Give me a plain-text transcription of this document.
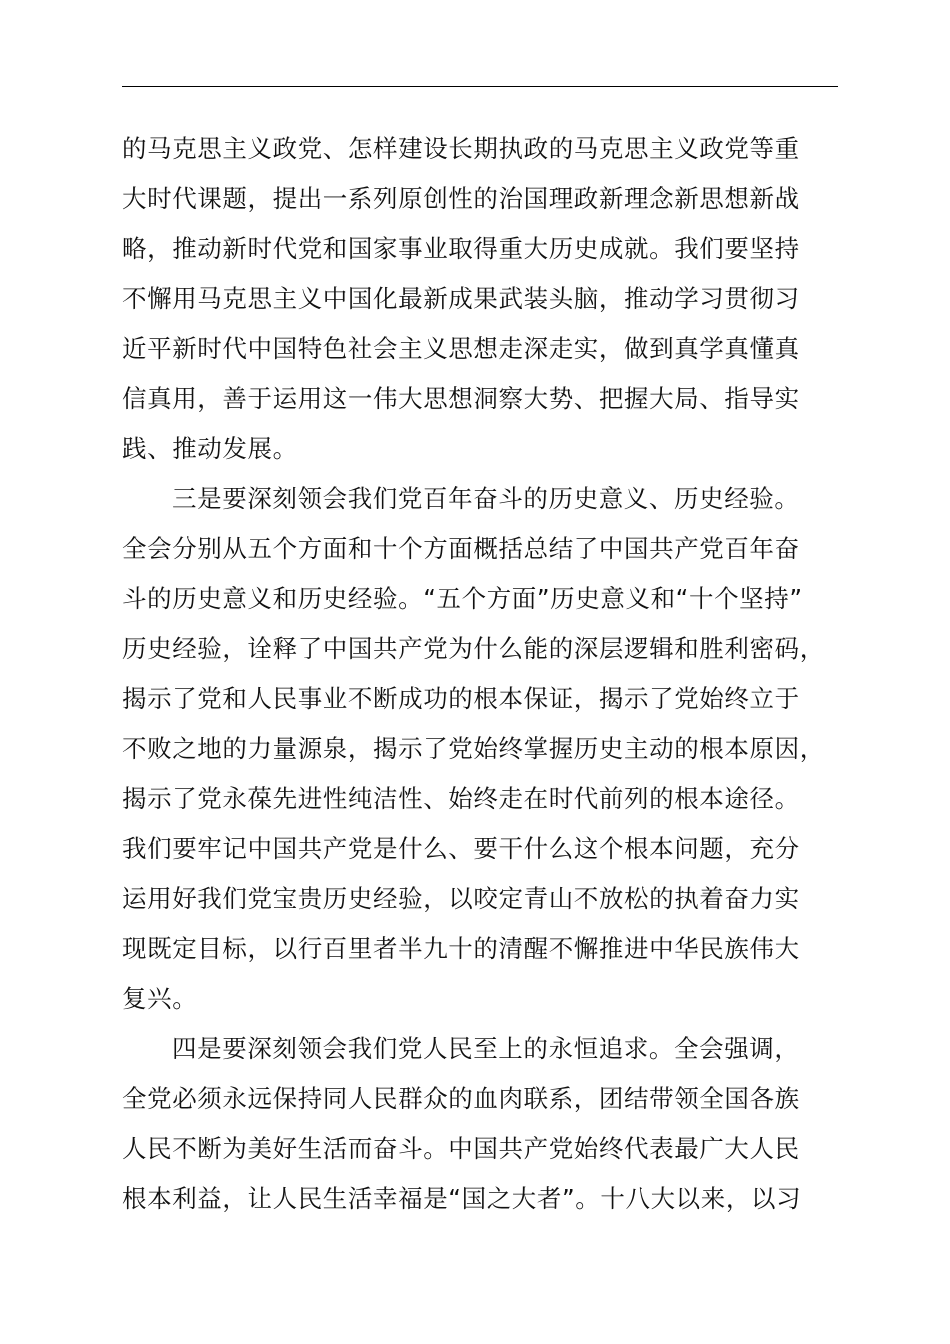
的马克思主义政党、怎样建设长期执政的马克思主义政党等重
大时代课题，提出一系列原创性的治国理政新理念新思想新战
略，推动新时代党和国家事业取得重大历史成就。我们要坚持
不懈用马克思主义中国化最新成果武装头脑，推动学习贯彻习
近平新时代中国特色社会主义思想走深走实，做到真学真懂真
信真用，善于运用这一伟大思想洞察大势、把握大局、指导实
践、推动发展。
三是要深刻领会我们党百年奋斗的历史意义、历史经验。
全会分别从五个方面和十个方面概括总结了中国共产党百年奋
斗的历史意义和历史经验。“五个方面”历史意义和“十个坚持”
历史经验，诠释了中国共产党为什么能的深层逻辑和胜利密码，
揭示了党和人民事业不断成功的根本保证，揭示了党始终立于
不败之地的力量源泉，揭示了党始终掌握历史主动的根本原因，
揭示了党永葆先进性纯洁性、始终走在时代前列的根本途径。
我们要牢记中国共产党是什么、要干什么这个根本问题，充分
运用好我们党宝贵历史经验，以咬定青山不放松的执着奋力实
现既定目标，以行百里者半九十的清醒不懈推进中华民族伟大
复兴。
四是要深刻领会我们党人民至上的永恒追求。全会强调，
全党必须永远保持同人民群众的血肉联系，团结带领全国各族
人民不断为美好生活而奋斗。中国共产党始终代表最广大人民
根本利益，让人民生活幸福是“国之大者”。十八大以来，以习
